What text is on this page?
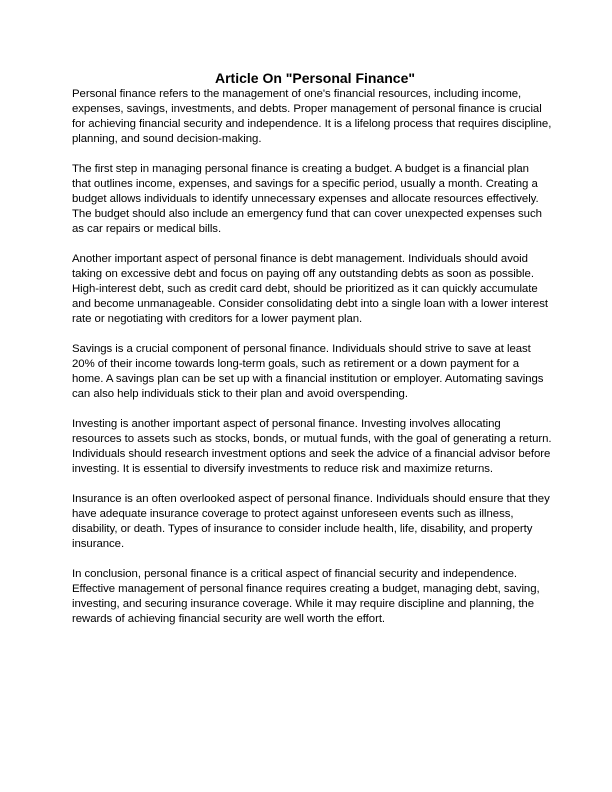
Article On "Personal Finance"
Personal finance refers to the management of one's financial resources, including income,
expenses, savings, investments, and debts. Proper management of personal finance is crucial
for achieving financial security and independence. It is a lifelong process that requires discipline,
planning, and sound decision-making.
The first step in managing personal finance is creating a budget. A budget is a financial plan
that outlines income, expenses, and savings for a specific period, usually a month. Creating a
budget allows individuals to identify unnecessary expenses and allocate resources effectively.
The budget should also include an emergency fund that can cover unexpected expenses such
as car repairs or medical bills.
Another important aspect of personal finance is debt management. Individuals should avoid
taking on excessive debt and focus on paying off any outstanding debts as soon as possible.
High-interest debt, such as credit card debt, should be prioritized as it can quickly accumulate
and become unmanageable. Consider consolidating debt into a single loan with a lower interest
rate or negotiating with creditors for a lower payment plan.
Savings is a crucial component of personal finance. Individuals should strive to save at least
20% of their income towards long-term goals, such as retirement or a down payment for a
home. A savings plan can be set up with a financial institution or employer. Automating savings
can also help individuals stick to their plan and avoid overspending.
Investing is another important aspect of personal finance. Investing involves allocating
resources to assets such as stocks, bonds, or mutual funds, with the goal of generating a return.
Individuals should research investment options and seek the advice of a financial advisor before
investing. It is essential to diversify investments to reduce risk and maximize returns.
Insurance is an often overlooked aspect of personal finance. Individuals should ensure that they
have adequate insurance coverage to protect against unforeseen events such as illness,
disability, or death. Types of insurance to consider include health, life, disability, and property
insurance.
In conclusion, personal finance is a critical aspect of financial security and independence.
Effective management of personal finance requires creating a budget, managing debt, saving,
investing, and securing insurance coverage. While it may require discipline and planning, the
rewards of achieving financial security are well worth the effort.
